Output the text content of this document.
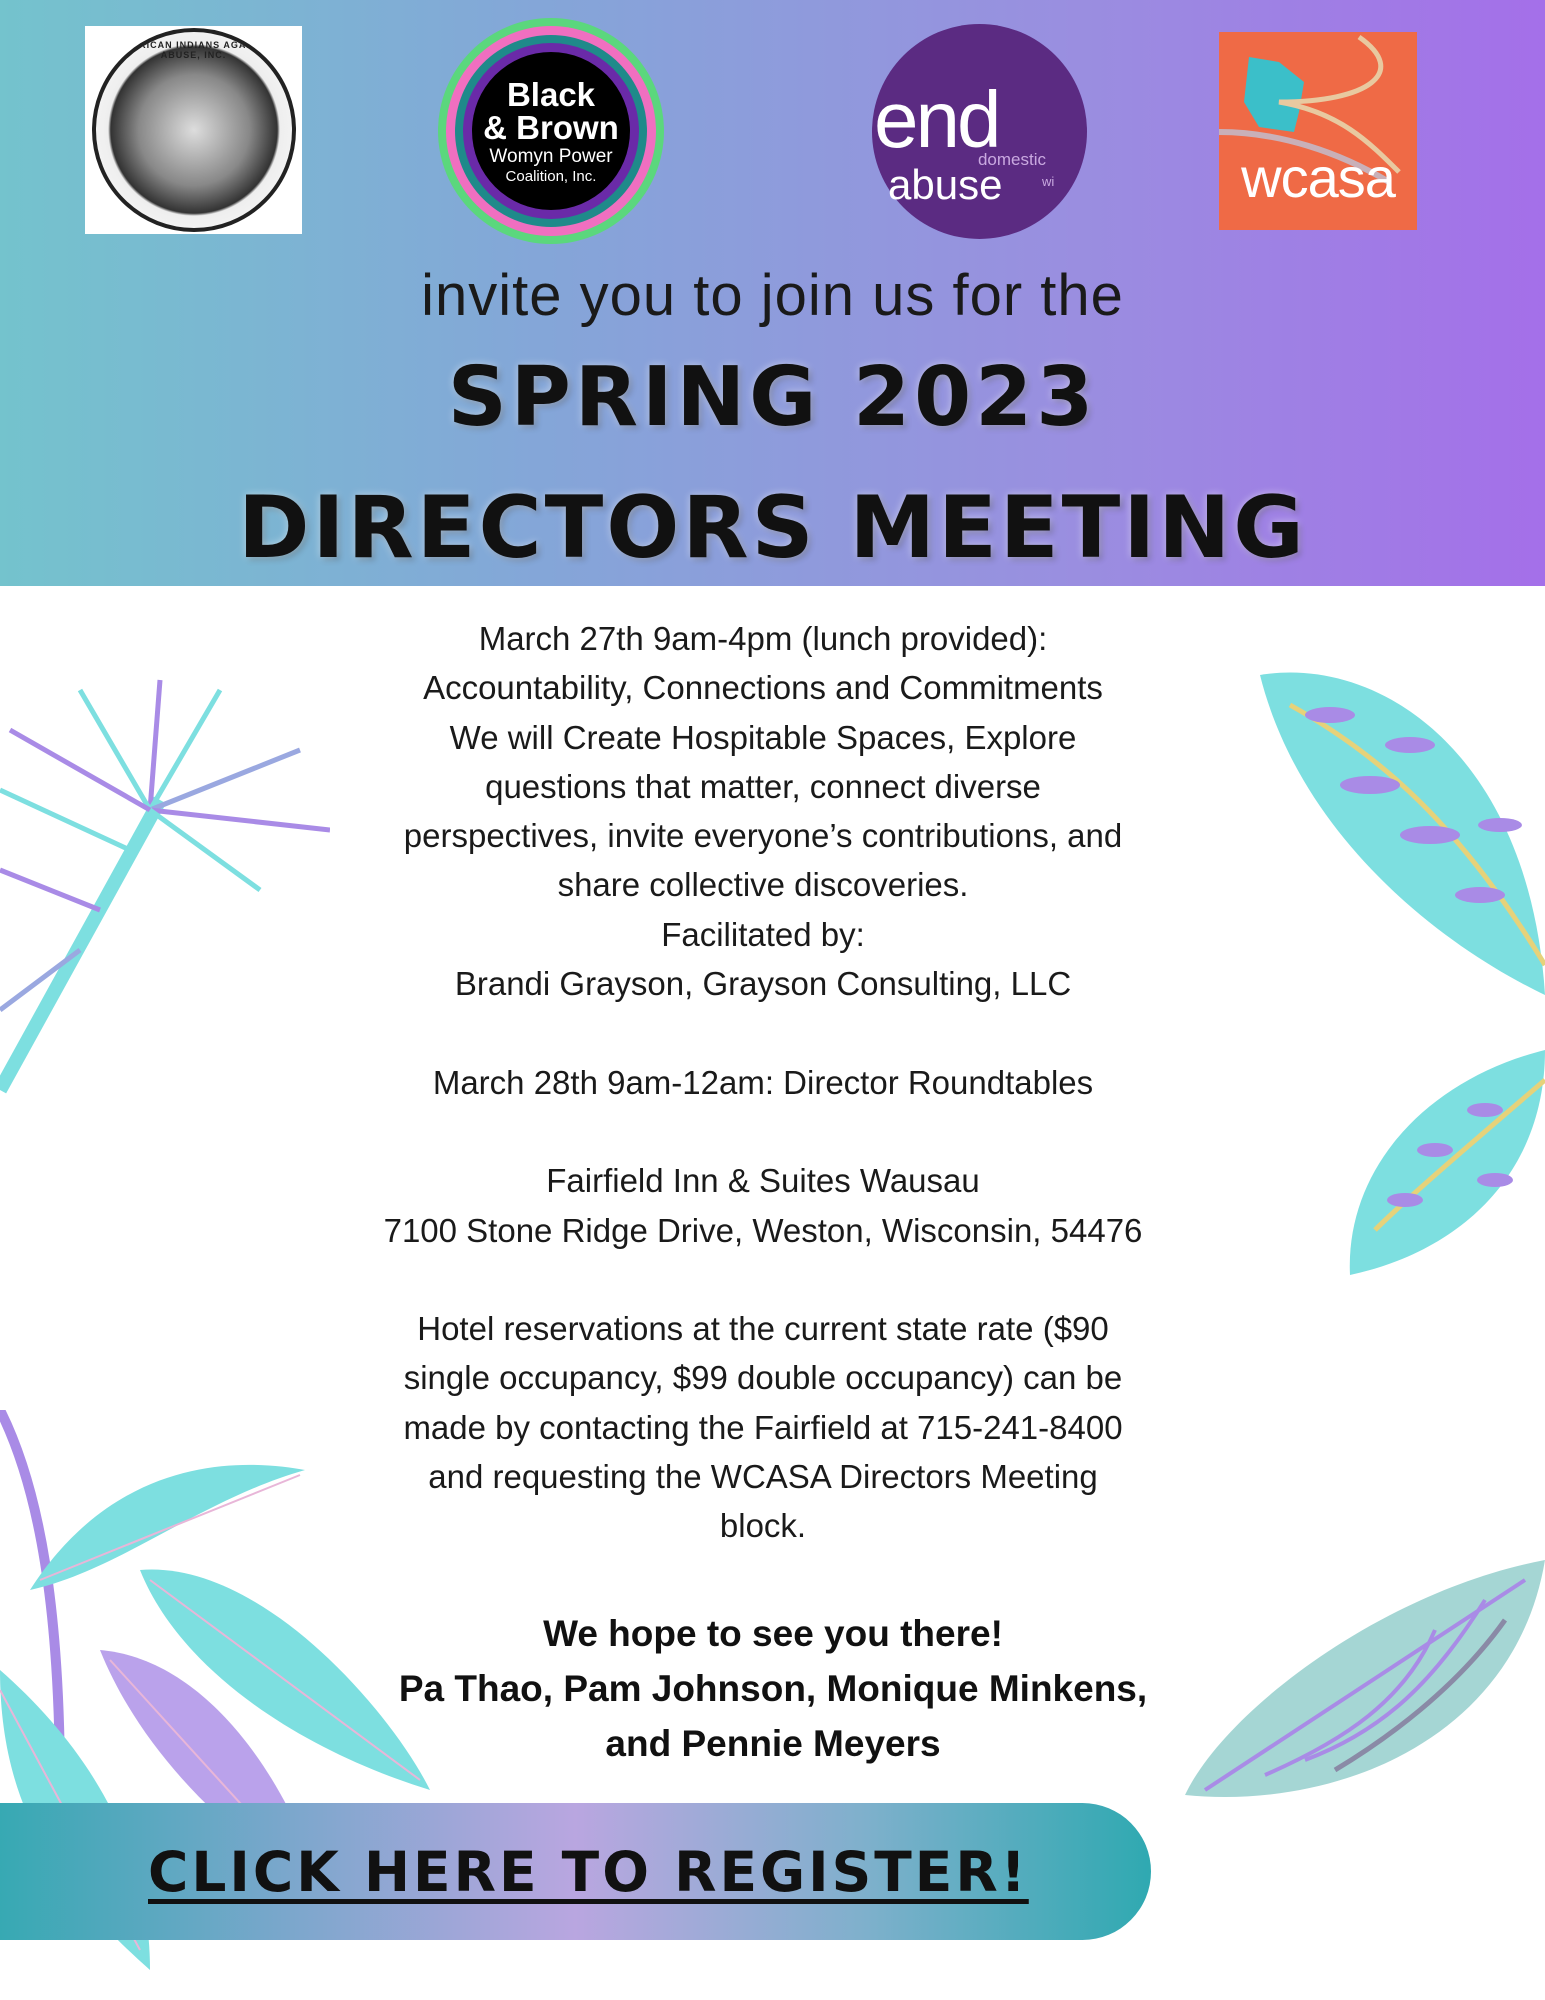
AMERICAN INDIANS AGAINST ABUSE, INC.
Black
& Brown
Womyn Power
Coalition, Inc.
end
domestic
abuse	wi	wcasa
invite you to join us for the
SPRING 2023
DIRECTORS MEETING

March 27th 9am-4pm (lunch provided):

Accountability, Connections and Commitments

We will Create Hospitable Spaces, Explore

questions that matter, connect diverse

perspectives, invite everyone’s contributions, and

share collective discoveries.

Facilitated by:

Brandi Grayson, Grayson Consulting, LLC

March 28th 9am-12am: Director Roundtables

Fairfield Inn & Suites Wausau

7100 Stone Ridge Drive, Weston, Wisconsin, 54476

Hotel reservations at the current state rate ($90

single occupancy, $99 double occupancy) can be

made by contacting the Fairfield at 715-241-8400

and requesting the WCASA Directors Meeting

block.

We hope to see you there!
Pa Thao, Pam Johnson, Monique Minkens,
and Pennie Meyers
CLICK HERE TO REGISTER!
